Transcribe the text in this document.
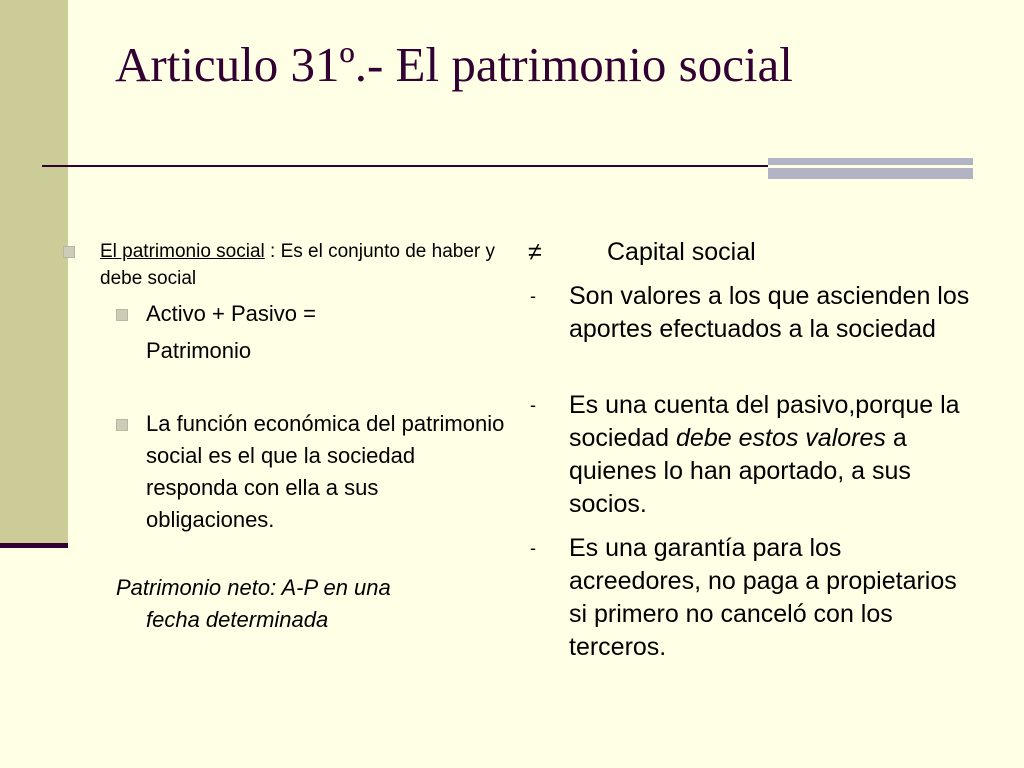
Articulo 31º.- El patrimonio social
El patrimonio social : Es el conjunto de haber y debe social
Activo + Pasivo =
Patrimonio
La función económica del patrimonio social es el que la sociedad responda con ella a sus obligaciones.
Patrimonio neto: A-P en una
fecha determinada
≠	Capital social
- Son valores a los que ascienden los aportes efectuados a la sociedad
- Es una cuenta del pasivo,porque la sociedad debe estos valores a quienes lo han aportado, a sus socios.
- Es una garantía para los acreedores, no paga a propietarios si primero no canceló con los terceros.
